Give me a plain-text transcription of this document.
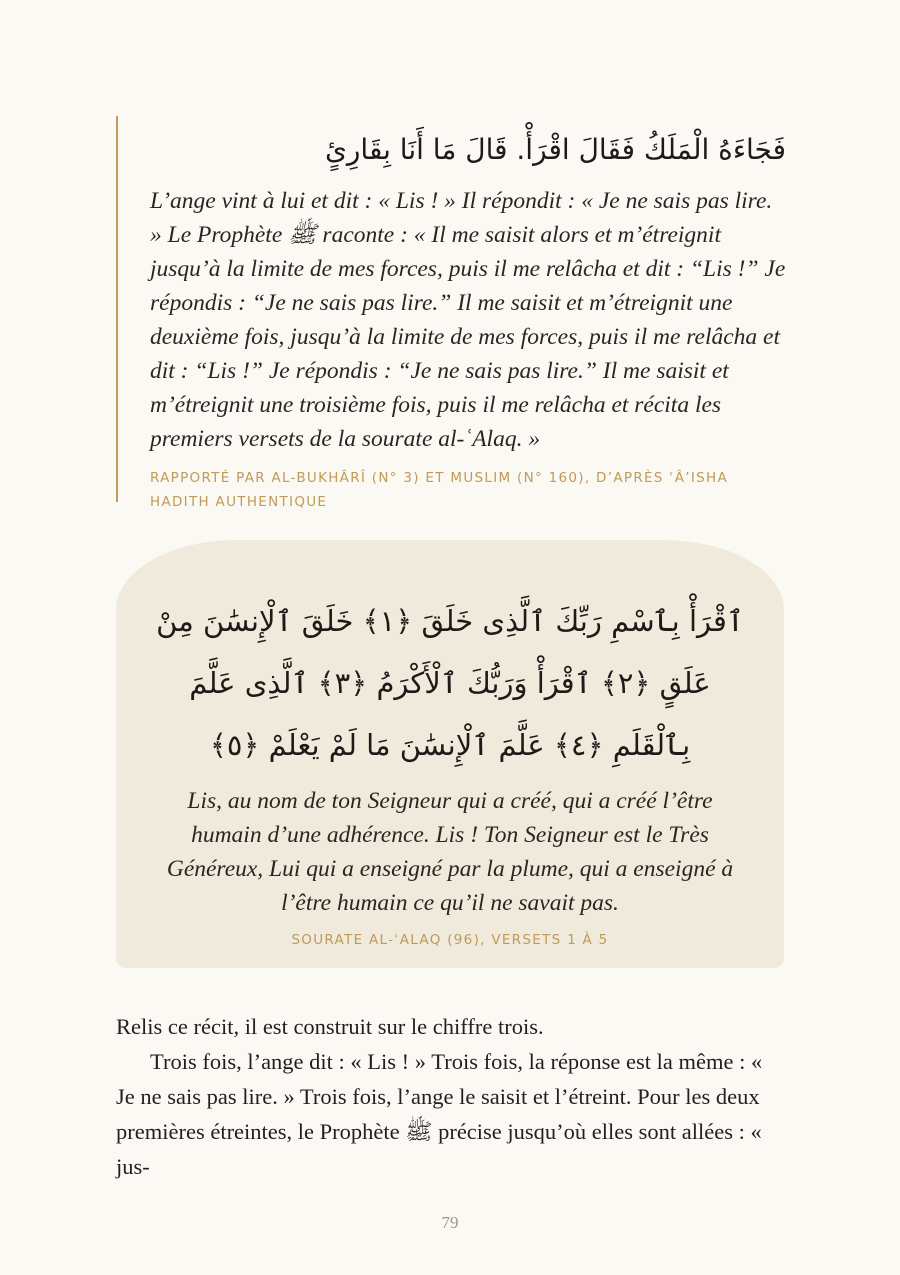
فَجَاءَهُ الْمَلَكُ فَقَالَ اقْرَأْ. قَالَ مَا أَنَا بِقَارِئٍ
L’ange vint à lui et dit : « Lis ! » Il répondit : « Je ne sais pas lire. » Le Prophète ﷺ raconte : « Il me saisit alors et m’étreignit jusqu’à la limite de mes forces, puis il me relâcha et dit : “Lis !” Je répondis : “Je ne sais pas lire.” Il me saisit et m’étreignit une deuxième fois, jusqu’à la limite de mes forces, puis il me relâcha et dit : “Lis !” Je répondis : “Je ne sais pas lire.” Il me saisit et m’étreignit une troisième fois, puis il me relâcha et récita les premiers versets de la sourate al-ʿAlaq. »
RAPPORTÉ PAR AL-BUKHÂRÎ (N° 3) ET MUSLIM (N° 160), D’APRÈS ʿÂ’ISHA
HADITH AUTHENTIQUE
ٱقْرَأْ بِٱسْمِ رَبِّكَ ٱلَّذِى خَلَقَ ﴿١﴾ خَلَقَ ٱلْإِنسَٰنَ مِنْ عَلَقٍ ﴿٢﴾ ٱقْرَأْ وَرَبُّكَ ٱلْأَكْرَمُ ﴿٣﴾ ٱلَّذِى عَلَّمَ بِٱلْقَلَمِ ﴿٤﴾ عَلَّمَ ٱلْإِنسَٰنَ مَا لَمْ يَعْلَمْ ﴿٥﴾
Lis, au nom de ton Seigneur qui a créé, qui a créé l’être humain d’une adhérence. Lis ! Ton Seigneur est le Très Généreux, Lui qui a enseigné par la plume, qui a enseigné à l’être humain ce qu’il ne savait pas.
SOURATE AL-ʿALAQ (96), VERSETS 1 À 5

Relis ce récit, il est construit sur le chiffre trois.

Trois fois, l’ange dit : « Lis ! » Trois fois, la réponse est la même : « Je ne sais pas lire. » Trois fois, l’ange le saisit et l’étreint. Pour les deux premières étreintes, le Prophète ﷺ précise jusqu’où elles sont allées : « jus-

79
